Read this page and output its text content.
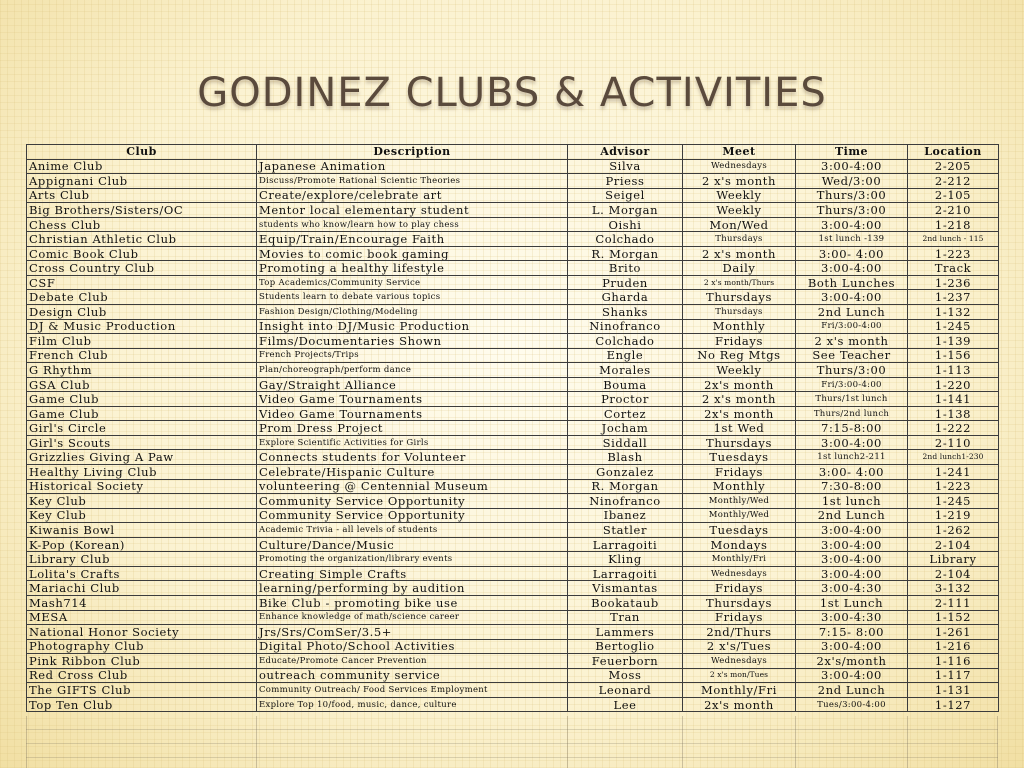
GODINEZ CLUBS & ACTIVITIES
Club	Description	Advisor	Meet	Time	Location
Anime Club	Japanese Animation	Silva	Wednesdays	3:00-4:00	2-205
Appignani Club	Discuss/Promote Rational Scientic Theories	Priess	2 x's month	Wed/3:00	2-212
Arts Club	Create/explore/celebrate art	Seigel	Weekly	Thurs/3:00	2-105
Big Brothers/Sisters/OC	Mentor local elementary student	L. Morgan	Weekly	Thurs/3:00	2-210
Chess Club	students who know/learn how to play chess	Oishi	Mon/Wed	3:00-4:00	1-218
Christian Athletic Club	Equip/Train/Encourage Faith	Colchado	Thursdays	1st lunch -139	2nd lunch - 115
Comic Book Club	Movies to comic book gaming	R. Morgan	2 x's month	3:00- 4:00	1-223
Cross Country Club	Promoting a healthy lifestyle	Brito	Daily	3:00-4:00	Track
CSF	Top Academics/Community Service	Pruden	2 x's month/Thurs	Both Lunches	1-236
Debate Club	Students learn to debate various topics	Gharda	Thursdays	3:00-4:00	1-237
Design Club	Fashion Design/Clothing/Modeling	Shanks	Thursdays	2nd Lunch	1-132
DJ & Music Production	Insight into DJ/Music Production	Ninofranco	Monthly	Fri/3:00-4:00	1-245
Film Club	Films/Documentaries Shown	Colchado	Fridays	2 x's month	1-139
French Club	French Projects/Trips	Engle	No Reg Mtgs	See Teacher	1-156
G Rhythm	Plan/choreograph/perform dance	Morales	Weekly	Thurs/3:00	1-113
GSA Club	Gay/Straight Alliance	Bouma	2x's month	Fri/3:00-4:00	1-220
Game Club	Video Game Tournaments	Proctor	2 x's month	Thurs/1st lunch	1-141
Game Club	Video Game Tournaments	Cortez	2x's month	Thurs/2nd lunch	1-138
Girl's Circle	Prom Dress Project	Jocham	1st Wed	7:15-8:00	1-222
Girl's Scouts	Explore Scientific Activities for Girls	Siddall	Thursdays	3:00-4:00	2-110
Grizzlies Giving A Paw	Connects students for Volunteer	Blash	Tuesdays	1st lunch2-211	2nd lunch1-230
Healthy Living Club	Celebrate/Hispanic Culture	Gonzalez	Fridays	3:00- 4:00	1-241
Historical Society	volunteering @ Centennial Museum	R. Morgan	Monthly	7:30-8:00	1-223
Key Club	Community Service Opportunity	Ninofranco	Monthly/Wed	1st lunch	1-245
Key Club	Community Service Opportunity	Ibanez	Monthly/Wed	2nd Lunch	1-219
Kiwanis Bowl	Academic Trivia - all levels of students	Statler	Tuesdays	3:00-4:00	1-262
K-Pop (Korean)	Culture/Dance/Music	Larragoiti	Mondays	3:00-4:00	2-104
Library Club	Promoting the organization/library events	Kling	Monthly/Fri	3:00-4:00	Library
Lolita's Crafts	Creating Simple Crafts	Larragoiti	Wednesdays	3:00-4:00	2-104
Mariachi Club	learning/performing by audition	Vismantas	Fridays	3:00-4:30	3-132
Mash714	Bike Club - promoting bike use	Bookataub	Thursdays	1st Lunch	2-111
MESA	Enhance knowledge of math/science career	Tran	Fridays	3:00-4:30	1-152
National Honor Society	Jrs/Srs/ComSer/3.5+	Lammers	2nd/Thurs	7:15- 8:00	1-261
Photography Club	Digital Photo/School Activities	Bertoglio	2 x's/Tues	3:00-4:00	1-216
Pink Ribbon Club	Educate/Promote Cancer Prevention	Feuerborn	Wednesdays	2x's/month	1-116
Red Cross Club	outreach community service	Moss	2 x's mon/Tues	3:00-4:00	1-117
The GIFTS Club	Community Outreach/ Food Services Employment	Leonard	Monthly/Fri	2nd Lunch	1-131
Top Ten Club	Explore Top 10/food, music, dance, culture	Lee	2x's month	Tues/3:00-4:00	1-127
